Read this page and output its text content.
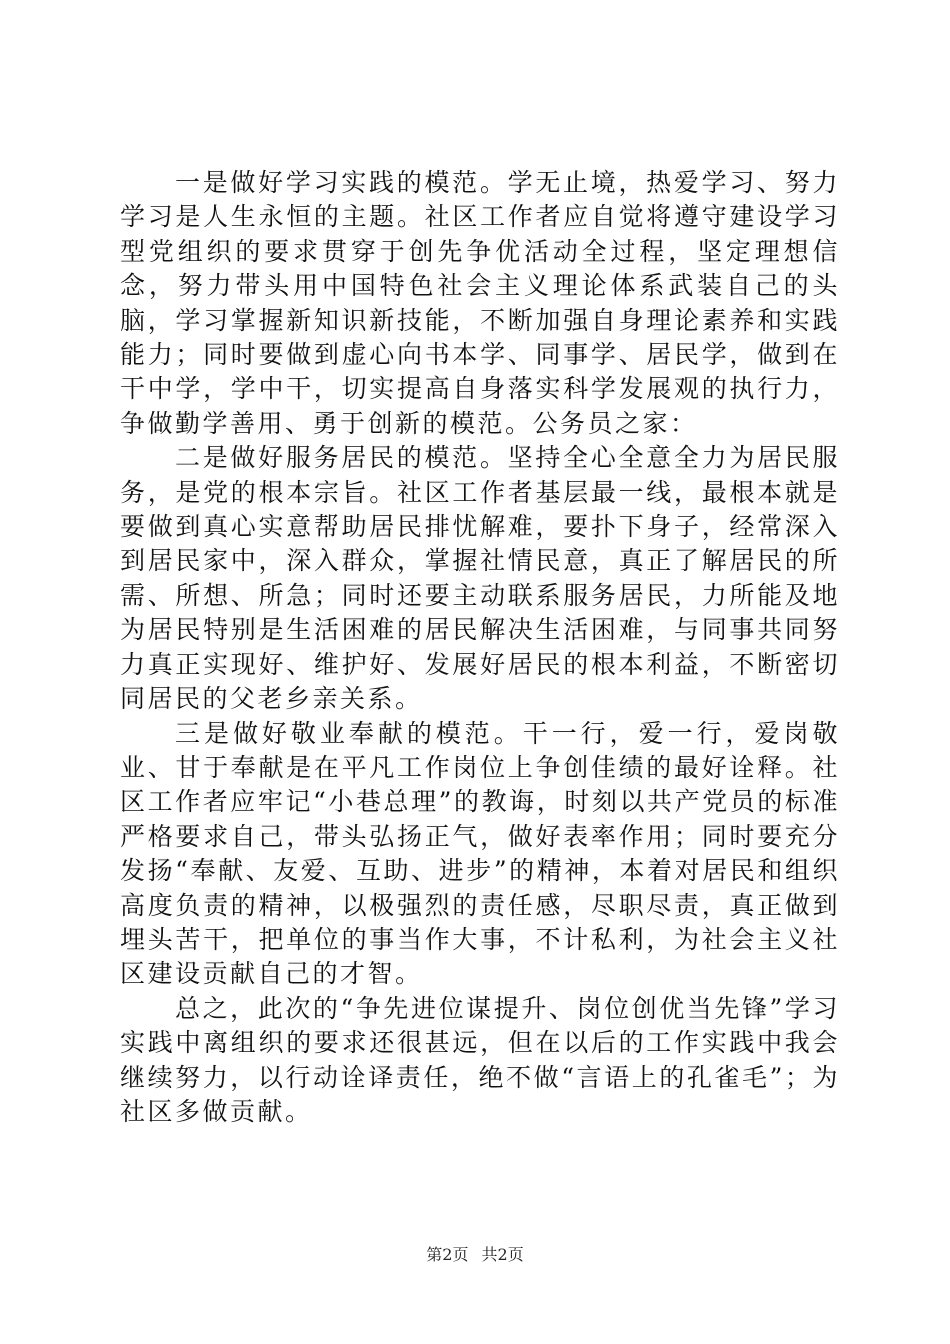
一是做好学习实践的模范。学无止境，热爱学习、努力学习是人生永恒的主题。社区工作者应自觉将遵守建设学习型党组织的要求贯穿于创先争优活动全过程，坚定理想信念，努力带头用中国特色社会主义理论体系武装自己的头脑，学习掌握新知识新技能，不断加强自身理论素养和实践能力；同时要做到虚心向书本学、同事学、居民学，做到在干中学，学中干，切实提高自身落实科学发展观的执行力，争做勤学善用、勇于创新的模范。公务员之家：

二是做好服务居民的模范。坚持全心全意全力为居民服务，是党的根本宗旨。社区工作者基层最一线，最根本就是要做到真心实意帮助居民排忧解难，要扑下身子，经常深入到居民家中，深入群众，掌握社情民意，真正了解居民的所需、所想、所急；同时还要主动联系服务居民，力所能及地为居民特别是生活困难的居民解决生活困难，与同事共同努力真正实现好、维护好、发展好居民的根本利益，不断密切同居民的父老乡亲关系。

三是做好敬业奉献的模范。干一行，爱一行，爱岗敬业、甘于奉献是在平凡工作岗位上争创佳绩的最好诠释。社区工作者应牢记“小巷总理”的教诲，时刻以共产党员的标准严格要求自己，带头弘扬正气，做好表率作用；同时要充分发扬“奉献、友爱、互助、进步”的精神，本着对居民和组织高度负责的精神，以极强烈的责任感，尽职尽责，真正做到埋头苦干，把单位的事当作大事，不计私利，为社会主义社区建设贡献自己的才智。

总之，此次的“争先进位谋提升、岗位创优当先锋”学习实践中离组织的要求还很甚远，但在以后的工作实践中我会继续努力，以行动诠译责任，绝不做“言语上的孔雀毛”；为社区多做贡献。

第2页 共2页
